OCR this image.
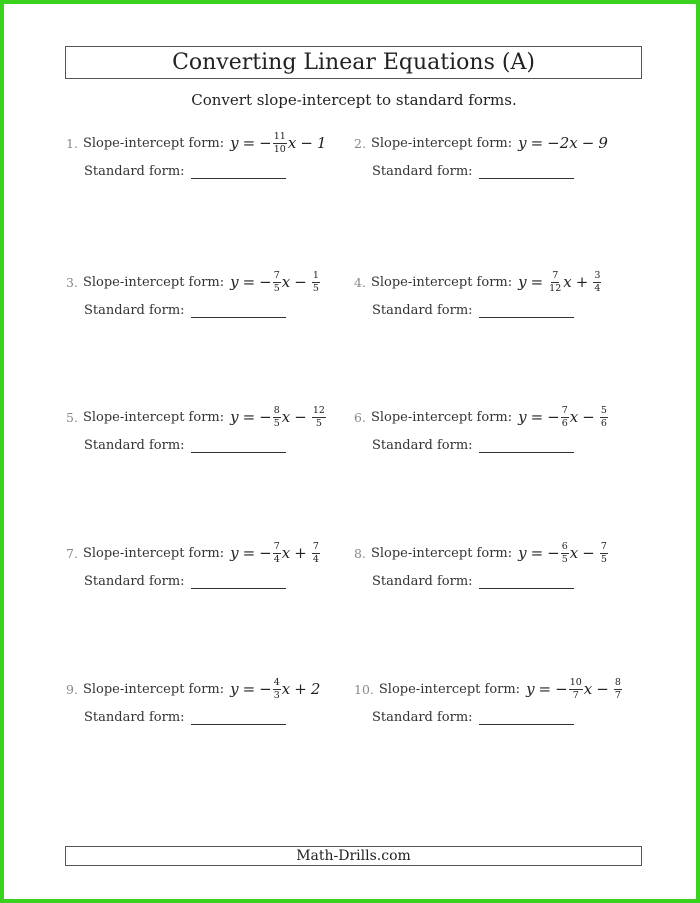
Converting Linear Equations (A)
Convert slope-intercept to standard forms.
1. Slope-intercept form: y = − $\frac{11}{10}$ x − 1
Standard form:
2. Slope-intercept form: y = − 2 x − 9
Standard form:
3. Slope-intercept form: y = − $\frac{7}{5}$ $x - \frac{1}{5}$
Standard form:
4. Slope-intercept form: $y = \frac{7}{12}$ $x + \frac{3}{4}$
Standard form:
5. Slope-intercept form: y = − $\frac{8}{5}$ $x - \frac{12}{5}$
Standard form:
6. Slope-intercept form: y = − $\frac{7}{6}$ $x - \frac{5}{6}$
Standard form:
7. Slope-intercept form: y = − $\frac{7}{4}$ $x + \frac{7}{4}$
Standard form:
8. Slope-intercept form: y = − $\frac{6}{5}$ $x - \frac{7}{5}$
Standard form:
9. Slope-intercept form: y = − $\frac{4}{3}$ x + 2
Standard form:
10. Slope-intercept form: y = − $\frac{10}{7}$ $x - \frac{8}{7}$
Standard form:
Math-Drills.com
